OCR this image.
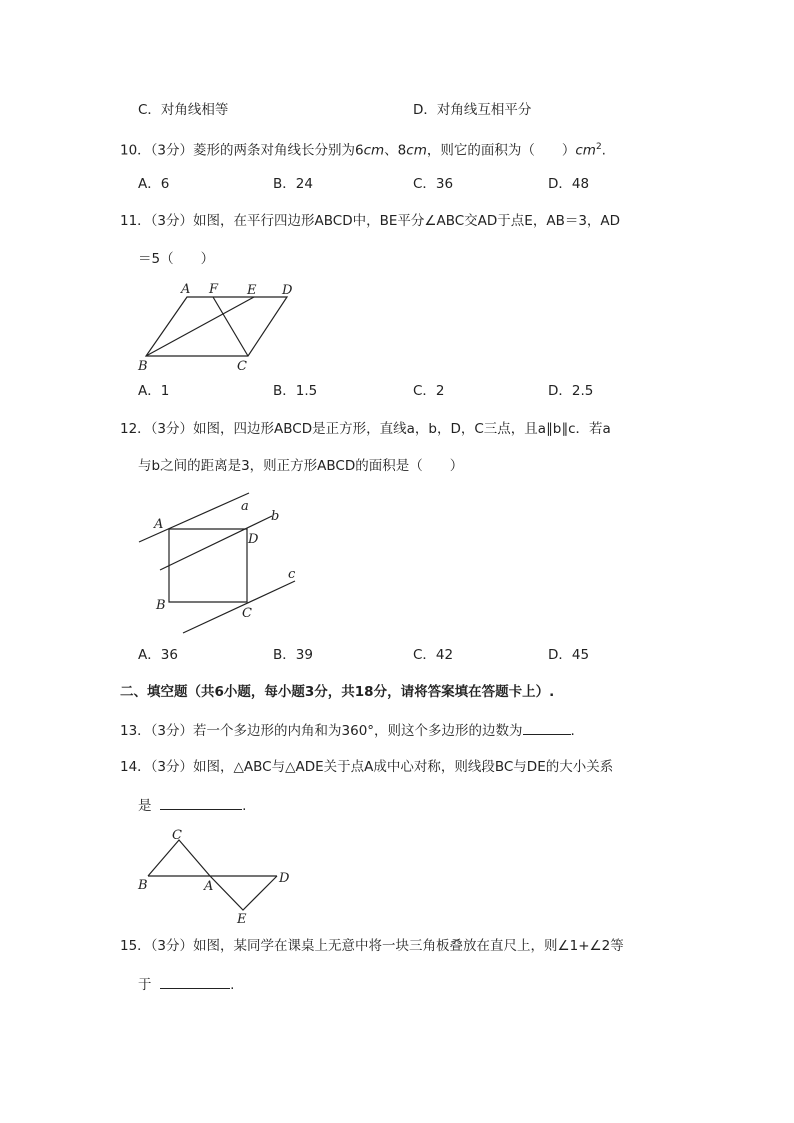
C．对角线相等	D．对角线互相平分
10．（3分）菱形的两条对角线长分别为6cm、8cm，则它的面积为（　　）$cm^2$.
A．6	B．24	C．36	D．48
11．（3分）如图，在平行四边形ABCD中，BE平分∠ABC交AD于点E，AB＝3，AD
＝5（　　）
A F E D
B	C
A．1	B．1.5	C．2	D．2.5
12．（3分）如图，四边形ABCD是正方形，直线a，b，D，C三点，且a∥b∥c．若a
与b之间的距离是3，则正方形ABCD的面积是（　　）
a
b
c
A
D
B
C
A．36	B．39	C．42	D．45
二、填空题（共6小题，每小题3分，共18分，请将答案填在答题卡上）.
13．（3分）若一个多边形的内角和为360°，则这个多边形的边数为	.
14．（3分）如图，△ABC与△ADE关于点A成中心对称，则线段BC与DE的大小关系
是	.
C
B	A
D
E
15．（3分）如图，某同学在课桌上无意中将一块三角板叠放在直尺上，则∠1+∠2等
于	.
